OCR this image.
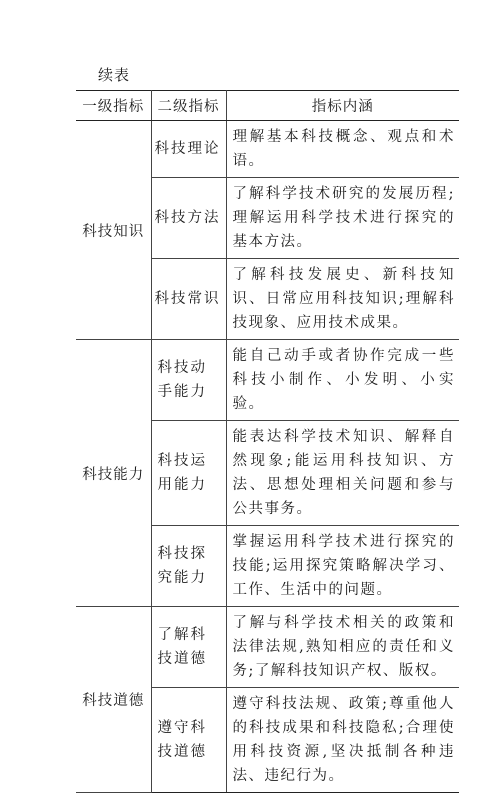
续表
一级指标	二级指标	指标内涵
科技知识	科技理论	理解基本科技概念、观点和术语。
	科技方法	了解科学技术研究的发展历程;理解运用科学技术进行探究的基本方法。
	科技常识	了解科技发展史、新科技知识、日常应用科技知识;理解科技现象、应用技术成果。
科技能力	科技动手能力	能自己动手或者协作完成一些科技小制作、小发明、小实验。
	科技运用能力	能表达科学技术知识、解释自然现象;能运用科技知识、方法、思想处理相关问题和参与公共事务。
	科技探究能力	掌握运用科学技术进行探究的技能;运用探究策略解决学习、工作、生活中的问题。
科技道德	了解科技道德	了解与科学技术相关的政策和法律法规,熟知相应的责任和义务;了解科技知识产权、版权。
	遵守科技道德	遵守科技法规、政策;尊重他人的科技成果和科技隐私;合理使用科技资源,坚决抵制各种违法、违纪行为。
